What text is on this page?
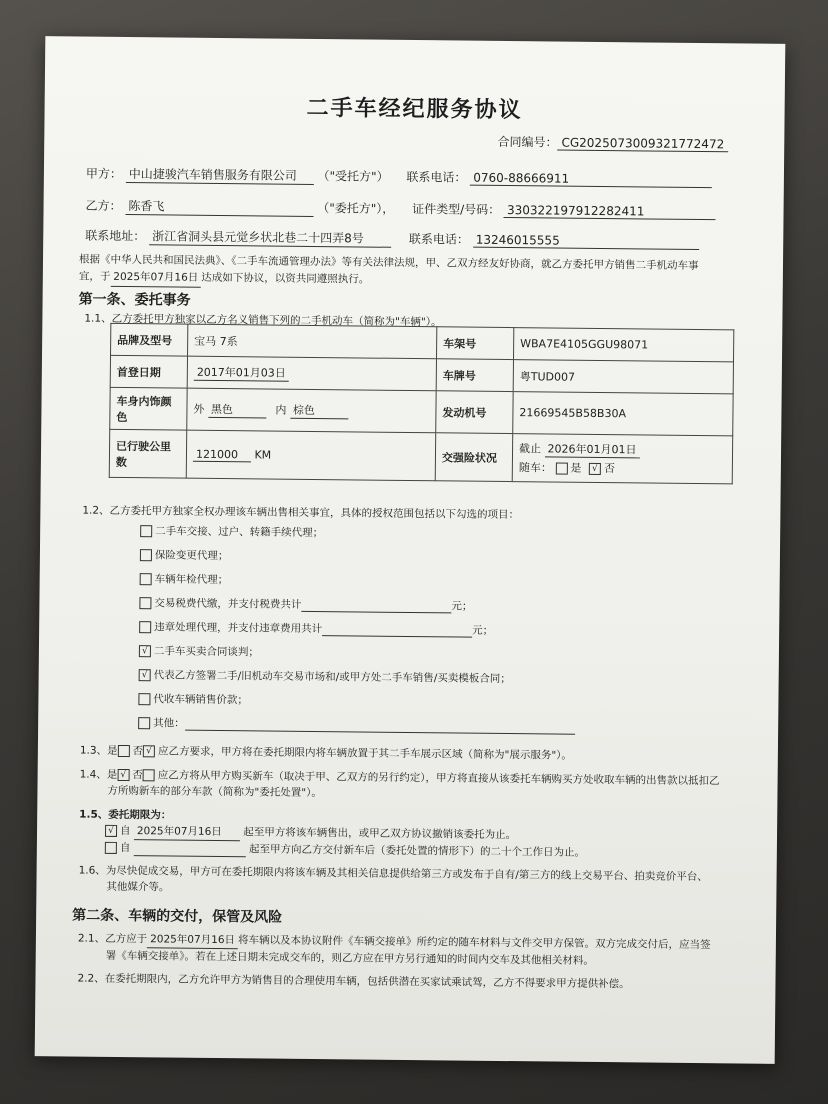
二手车经纪服务协议
合同编号： CG2025073009321772472
甲方： 中山捷骏汽车销售服务有限公司 （"受托方"） 联系电话： 0760-88666911
乙方： 陈香飞	（"委托方"）， 证件类型/号码： 330322197912282411
联系地址： 浙江省洞头县元觉乡状北巷二十四弄8号	联系电话： 13246015555
根据《中华人民共和国民法典》、《二手车流通管理办法》等有关法律法规，甲、乙双方经友好协商，就乙方委托甲方销售二手机动车事
宜，于 2025年07月16日 达成如下协议，以资共同遵照执行。
第一条、委托事务
1.1、乙方委托甲方独家以乙方名义销售下列的二手机动车（简称为"车辆"）。
品牌及型号	宝马 7系	车架号	WBA7E4105GGU98071
首登日期	2017年01月03日	车牌号	粤TUD007
车身内饰颜色	外 黑色 内 棕色	发动机号	21669545B58B30A
已行驶公里数	121000 KM	交强险状况	截止 2026年01月01日
随车： 是 √ 否
1.2、乙方委托甲方独家全权办理该车辆出售相关事宜，具体的授权范围包括以下勾选的项目：
二手车交接、过户、转籍手续代理；
保险变更代理；
车辆年检代理；
交易税费代缴，并支付税费共计	元；
违章处理代理，并支付违章费用共计	元；
√ 二手车买卖合同谈判；
√ 代表乙方签署二手/旧机动车交易市场和/或甲方处二手车销售/买卖模板合同；
代收车辆销售价款；
其他：
1.3、是 否 √ 应乙方要求，甲方将在委托期限内将车辆放置于其二手车展示区域（简称为"展示服务"）。
1.4、是 √ 否 应乙方将从甲方购买新车（取决于甲、乙双方的另行约定），甲方将直接从该委托车辆购买方处收取车辆的出售款以抵扣乙
方所购新车的部分车款（简称为"委托处置"）。
1.5、委托期限为：
√ 自 2025年07月16日 起至甲方将该车辆售出，或甲乙双方协议撤销该委托为止。
自	起至甲方向乙方交付新车后（委托处置的情形下）的二十个工作日为止。
1.6、为尽快促成交易，甲方可在委托期限内将该车辆及其相关信息提供给第三方或发布于自有/第三方的线上交易平台、拍卖竞价平台、
其他媒介等。
第二条、车辆的交付，保管及风险
2.1、乙方应于 2025年07月16日 将车辆以及本协议附件《车辆交接单》所约定的随车材料与文件交甲方保管。双方完成交付后，应当签
署《车辆交接单》。若在上述日期未完成交车的，则乙方应在甲方另行通知的时间内交车及其他相关材料。
2.2、在委托期限内，乙方允许甲方为销售目的合理使用车辆，包括供潜在买家试乘试驾，乙方不得要求甲方提供补偿。
